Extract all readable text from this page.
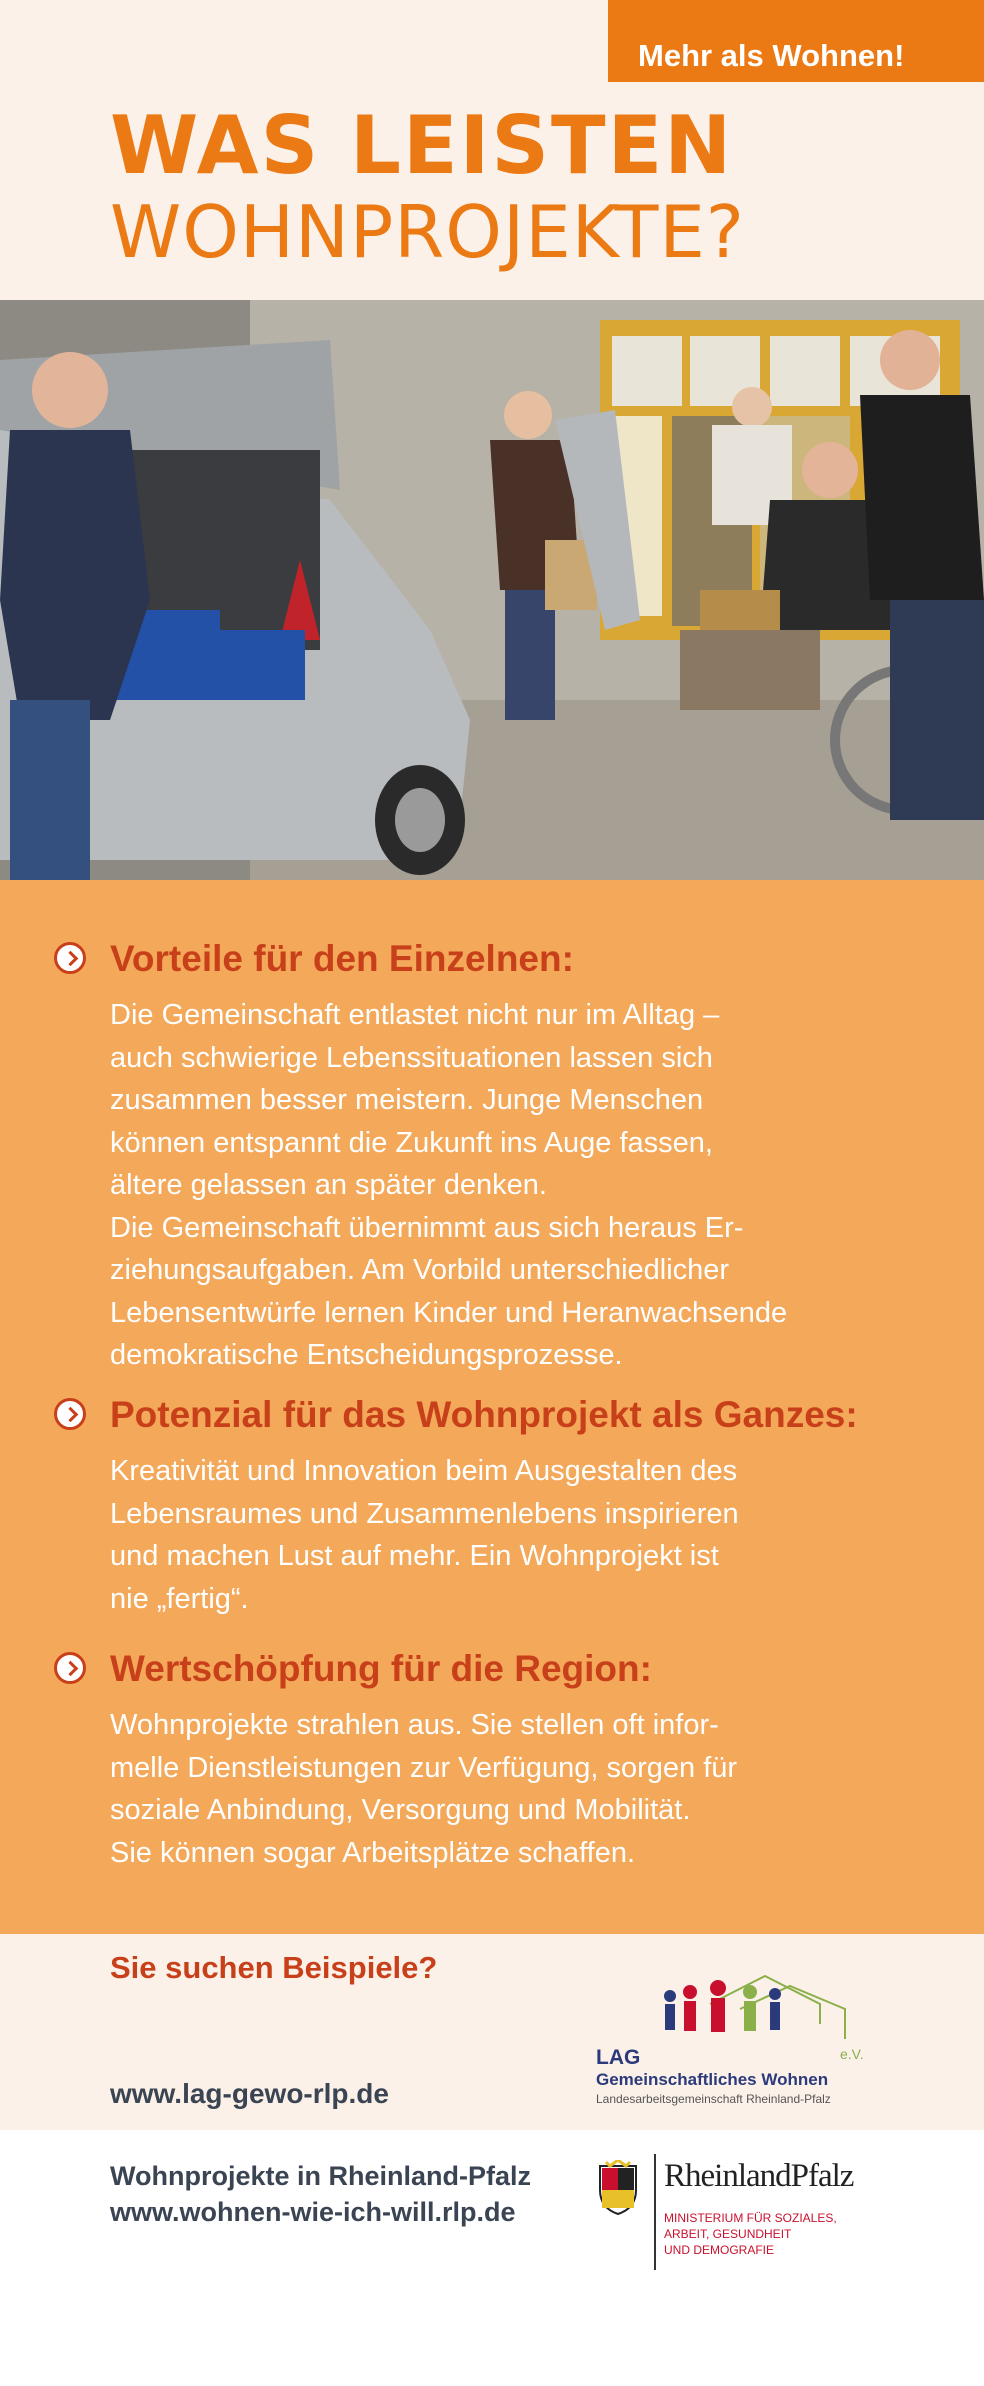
Mehr als Wohnen!
WAS LEISTEN
WOHNPROJEKTE?
Vorteile für den Einzelnen:
Die Gemeinschaft entlastet nicht nur im Alltag –
auch schwierige Lebenssituationen lassen sich
zusammen besser meistern. Junge Menschen
können entspannt die Zukunft ins Auge fassen,
ältere gelassen an später denken.
Die Gemeinschaft übernimmt aus sich heraus Er-
ziehungsaufgaben. Am Vorbild unterschiedlicher
Lebensentwürfe lernen Kinder und Heranwachsende
demokratische Entscheidungsprozesse.
Potenzial für das Wohnprojekt als Ganzes:
Kreativität und Innovation beim Ausgestalten des
Lebensraumes und Zusammenlebens inspirieren
und machen Lust auf mehr. Ein Wohnprojekt ist
nie „fertig“.
Wertschöpfung für die Region:
Wohnprojekte strahlen aus. Sie stellen oft infor-
melle Dienstleistungen zur Verfügung, sorgen für
soziale Anbindung, Versorgung und Mobilität.
Sie können sogar Arbeitsplätze schaffen.
Sie suchen Beispiele?
LAG	e.V.
Gemeinschaftliches Wohnen
Landesarbeitsgemeinschaft Rheinland-Pfalz
www.lag-gewo-rlp.de
Wohnprojekte in Rheinland-Pfalz
www.wohnen-wie-ich-will.rlp.de
RheinlandPfalz
MINISTERIUM FÜR SOZIALES,
ARBEIT, GESUNDHEIT
UND DEMOGRAFIE
